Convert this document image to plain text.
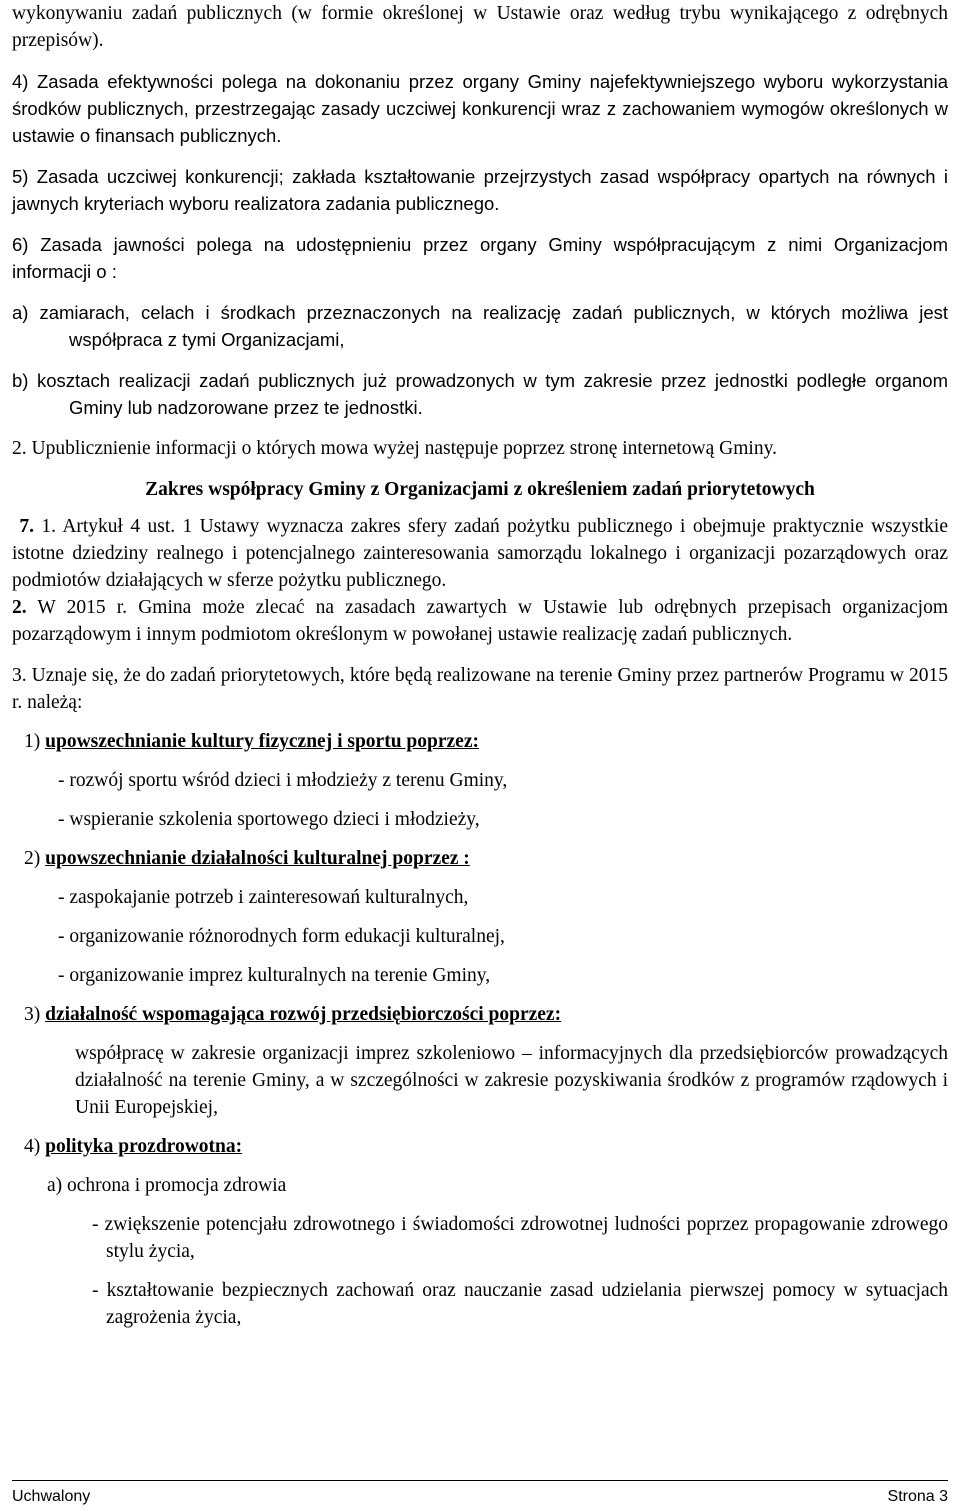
wykonywaniu zadań publicznych (w formie określonej w Ustawie oraz według trybu wynikającego z odrębnych przepisów).

4) Zasada efektywności polega na dokonaniu przez organy Gminy najefektywniejszego wyboru wykorzystania środków publicznych, przestrzegając zasady uczciwej konkurencji wraz z zachowaniem wymogów określonych w ustawie o finansach publicznych.

5) Zasada uczciwej konkurencji; zakłada kształtowanie przejrzystych zasad współpracy opartych na równych i jawnych kryteriach wyboru realizatora zadania publicznego.

6) Zasada jawności polega na udostępnieniu przez organy Gminy współpracującym z nimi Organizacjom informacji o :

a) zamiarach, celach i środkach przeznaczonych na realizację zadań publicznych, w których możliwa jest współpraca z tymi Organizacjami,

b) kosztach realizacji zadań publicznych już prowadzonych w tym zakresie przez jednostki podległe organom Gminy lub nadzorowane przez te jednostki.

2. Upublicznienie informacji o których mowa wyżej następuje poprzez stronę internetową Gminy.

Zakres współpracy Gminy z Organizacjami z określeniem zadań priorytetowych

7. 1. Artykuł 4 ust. 1 Ustawy wyznacza zakres sfery zadań pożytku publicznego i obejmuje praktycznie wszystkie istotne dziedziny realnego i potencjalnego zainteresowania samorządu lokalnego i organizacji pozarządowych oraz podmiotów działających w sferze pożytku publicznego.

2. W 2015 r. Gmina może zlecać na zasadach zawartych w Ustawie lub odrębnych przepisach organizacjom pozarządowym i innym podmiotom określonym w powołanej ustawie realizację zadań publicznych.

3. Uznaje się, że do zadań priorytetowych, które będą realizowane na terenie Gminy przez partnerów Programu w 2015 r. należą:

1) upowszechnianie kultury fizycznej i sportu poprzez:

- rozwój sportu wśród dzieci i młodzieży z terenu Gminy,

- wspieranie szkolenia sportowego dzieci i młodzieży,

2) upowszechnianie działalności kulturalnej poprzez :

- zaspokajanie potrzeb i zainteresowań kulturalnych,

- organizowanie różnorodnych form edukacji kulturalnej,

- organizowanie imprez kulturalnych na terenie Gminy,

3) działalność wspomagająca rozwój przedsiębiorczości poprzez:

współpracę w zakresie organizacji imprez szkoleniowo – informacyjnych dla przedsiębiorców prowadzących działalność na terenie Gminy, a w szczególności w zakresie pozyskiwania środków z programów rządowych i Unii Europejskiej,

4) polityka prozdrowotna:

a) ochrona i promocja zdrowia

- zwiększenie potencjału zdrowotnego i świadomości zdrowotnej ludności poprzez propagowanie zdrowego stylu życia,

- kształtowanie bezpiecznych zachowań oraz nauczanie zasad udzielania pierwszej pomocy w sytuacjach zagrożenia życia,

Uchwalony	Strona 3
